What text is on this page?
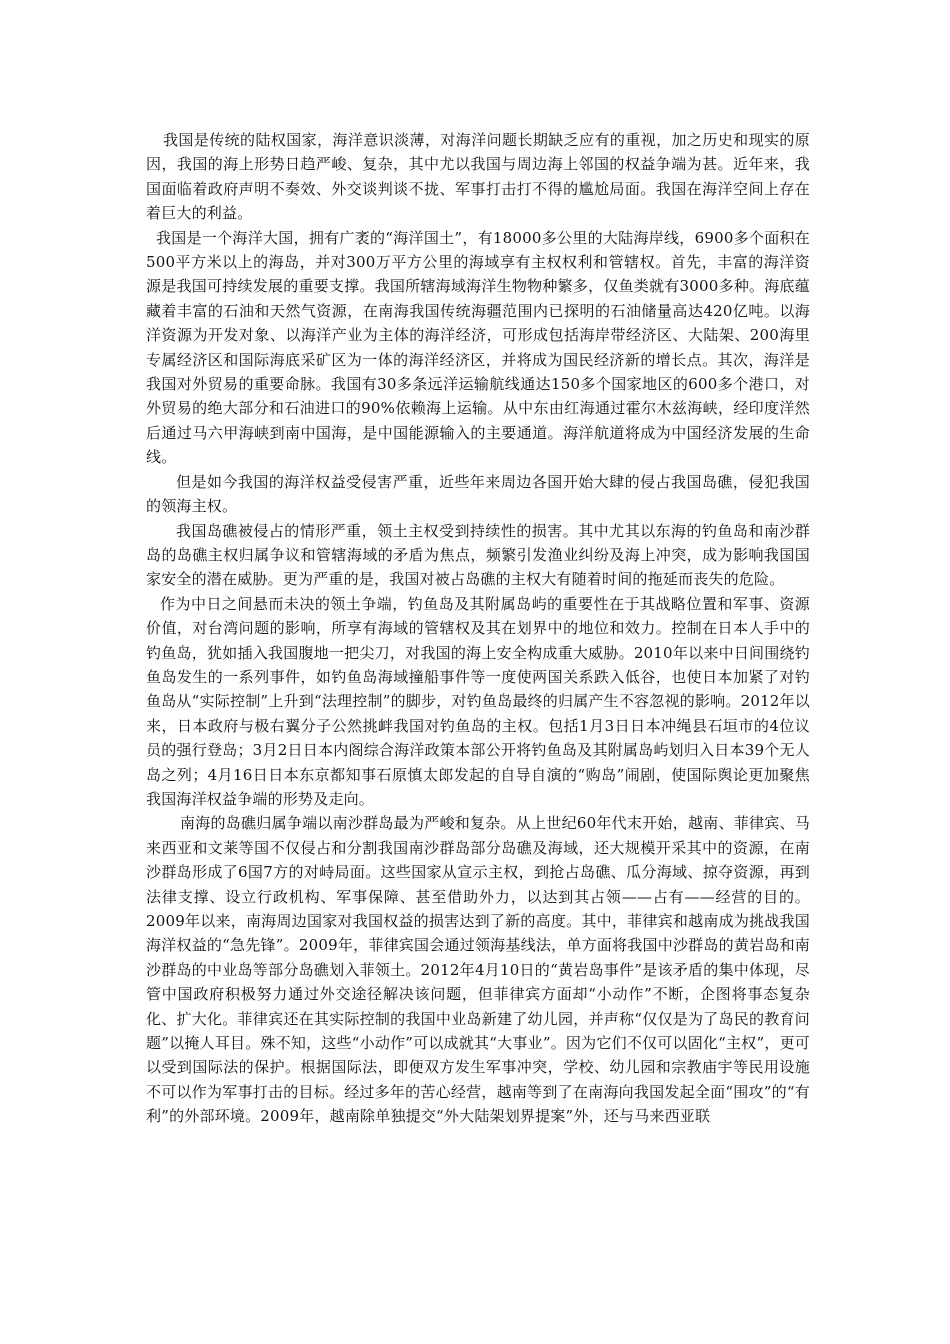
我国是传统的陆权国家，海洋意识淡薄，对海洋问题长期缺乏应有的重视，加之历史和现实的原因，我国的海上形势日趋严峻、复杂，其中尤以我国与周边海上邻国的权益争端为甚。近年来，我国面临着政府声明不奏效、外交谈判谈不拢、军事打击打不得的尴尬局面。我国在海洋空间上存在着巨大的利益。

我国是一个海洋大国，拥有广袤的“海洋国土”，有18000多公里的大陆海岸线，6900多个面积在500平方米以上的海岛，并对300万平方公里的海域享有主权权利和管辖权。首先，丰富的海洋资源是我国可持续发展的重要支撑。我国所辖海域海洋生物物种繁多，仅鱼类就有3000多种。海底蕴藏着丰富的石油和天然气资源，在南海我国传统海疆范围内已探明的石油储量高达420亿吨。以海洋资源为开发对象、以海洋产业为主体的海洋经济，可形成包括海岸带经济区、大陆架、200海里专属经济区和国际海底采矿区为一体的海洋经济区，并将成为国民经济新的增长点。其次，海洋是我国对外贸易的重要命脉。我国有30多条远洋运输航线通达150多个国家地区的600多个港口，对外贸易的绝大部分和石油进口的90%依赖海上运输。从中东由红海通过霍尔木兹海峡，经印度洋然后通过马六甲海峡到南中国海，是中国能源输入的主要通道。海洋航道将成为中国经济发展的生命线。

但是如今我国的海洋权益受侵害严重，近些年来周边各国开始大肆的侵占我国岛礁，侵犯我国的领海主权。

我国岛礁被侵占的情形严重，领土主权受到持续性的损害。其中尤其以东海的钓鱼岛和南沙群岛的岛礁主权归属争议和管辖海域的矛盾为焦点，频繁引发渔业纠纷及海上冲突，成为影响我国国家安全的潜在威胁。更为严重的是，我国对被占岛礁的主权大有随着时间的拖延而丧失的危险。

作为中日之间悬而未决的领土争端，钓鱼岛及其附属岛屿的重要性在于其战略位置和军事、资源价值，对台湾问题的影响，所享有海域的管辖权及其在划界中的地位和效力。控制在日本人手中的钓鱼岛，犹如插入我国腹地一把尖刀，对我国的海上安全构成重大威胁。2010年以来中日间围绕钓鱼岛发生的一系列事件，如钓鱼岛海域撞船事件等一度使两国关系跌入低谷，也使日本加紧了对钓鱼岛从“实际控制”上升到“法理控制”的脚步，对钓鱼岛最终的归属产生不容忽视的影响。2012年以来，日本政府与极右翼分子公然挑衅我国对钓鱼岛的主权。包括1月3日日本冲绳县石垣市的4位议员的强行登岛；3月2日日本内阁综合海洋政策本部公开将钓鱼岛及其附属岛屿划归入日本39个无人岛之列；4月16日日本东京都知事石原慎太郎发起的自导自演的“购岛”闹剧，使国际舆论更加聚焦我国海洋权益争端的形势及走向。

南海的岛礁归属争端以南沙群岛最为严峻和复杂。从上世纪60年代末开始，越南、菲律宾、马来西亚和文莱等国不仅侵占和分割我国南沙群岛部分岛礁及海域，还大规模开采其中的资源，在南沙群岛形成了6国7方的对峙局面。这些国家从宣示主权，到抢占岛礁、瓜分海域、掠夺资源，再到法律支撑、设立行政机构、军事保障、甚至借助外力，以达到其占领——占有——经营的目的。2009年以来，南海周边国家对我国权益的损害达到了新的高度。其中，菲律宾和越南成为挑战我国海洋权益的“急先锋”。2009年，菲律宾国会通过领海基线法，单方面将我国中沙群岛的黄岩岛和南沙群岛的中业岛等部分岛礁划入菲领土。2012年4月10日的“黄岩岛事件”是该矛盾的集中体现，尽管中国政府积极努力通过外交途径解决该问题，但菲律宾方面却“小动作”不断，企图将事态复杂化、扩大化。菲律宾还在其实际控制的我国中业岛新建了幼儿园，并声称“仅仅是为了岛民的教育问题”以掩人耳目。殊不知，这些“小动作”可以成就其“大事业”。因为它们不仅可以固化“主权”，更可以受到国际法的保护。根据国际法，即便双方发生军事冲突，学校、幼儿园和宗教庙宇等民用设施不可以作为军事打击的目标。经过多年的苦心经营，越南等到了在南海向我国发起全面“围攻”的“有利”的外部环境。2009年，越南除单独提交“外大陆架划界提案”外，还与马来西亚联
